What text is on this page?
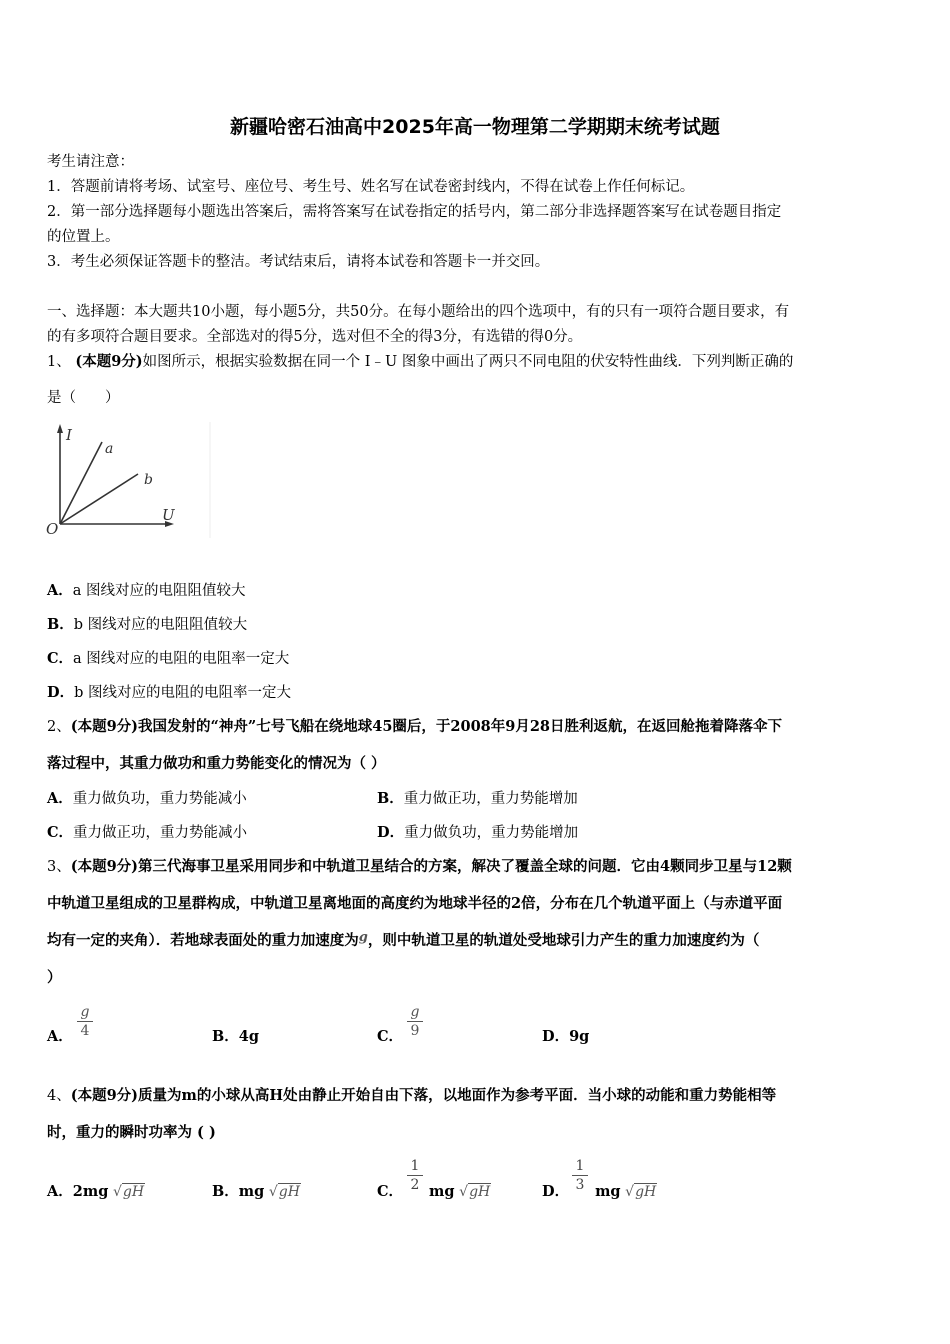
新疆哈密石油高中2025年高一物理第二学期期末统考试题
考生请注意：
1．答题前请将考场、试室号、座位号、考生号、姓名写在试卷密封线内，不得在试卷上作任何标记。
2．第一部分选择题每小题选出答案后，需将答案写在试卷指定的括号内，第二部分非选择题答案写在试卷题目指定
的位置上。
3．考生必须保证答题卡的整洁。考试结束后，请将本试卷和答题卡一并交回。
一、选择题：本大题共10小题，每小题5分，共50分。在每小题给出的四个选项中，有的只有一项符合题目要求，有
的有多项符合题目要求。全部选对的得5分，选对但不全的得3分，有选错的得0分。
1、 (本题9分)如图所示，根据实验数据在同一个 I﹣U 图象中画出了两只不同电阻的伏安特性曲线．下列判断正确的
是（　　）
I
U
O
a
b
A．a 图线对应的电阻阻值较大
B．b 图线对应的电阻阻值较大
C．a 图线对应的电阻的电阻率一定大
D．b 图线对应的电阻的电阻率一定大
2、(本题9分)我国发射的“神舟”七号飞船在绕地球45圈后，于2008年9月28日胜利返航，在返回舱拖着降落伞下
落过程中，其重力做功和重力势能变化的情况为（ ）
A．重力做负功，重力势能减小	B．重力做正功，重力势能增加
C．重力做正功，重力势能减小	D．重力做负功，重力势能增加
3、(本题9分)第三代海事卫星采用同步和中轨道卫星结合的方案，解决了覆盖全球的问题．它由4颗同步卫星与12颗
中轨道卫星组成的卫星群构成，中轨道卫星离地面的高度约为地球半径的2倍，分布在几个轨道平面上（与赤道平面
均有一定的夹角）．若地球表面处的重力加速度为g，则中轨道卫星的轨道处受地球引力产生的重力加速度约为（
）
A．
g
4	B．4g	C．
g
9	D．9g
4、(本题9分)质量为m的小球从高H处由静止开始自由下落，以地面作为参考平面．当小球的动能和重力势能相等
时，重力的瞬时功率为 ( )
A．2mg √gH	B．mg √gH	C． mg √gH
1
2	D． mg √gH
1
3
